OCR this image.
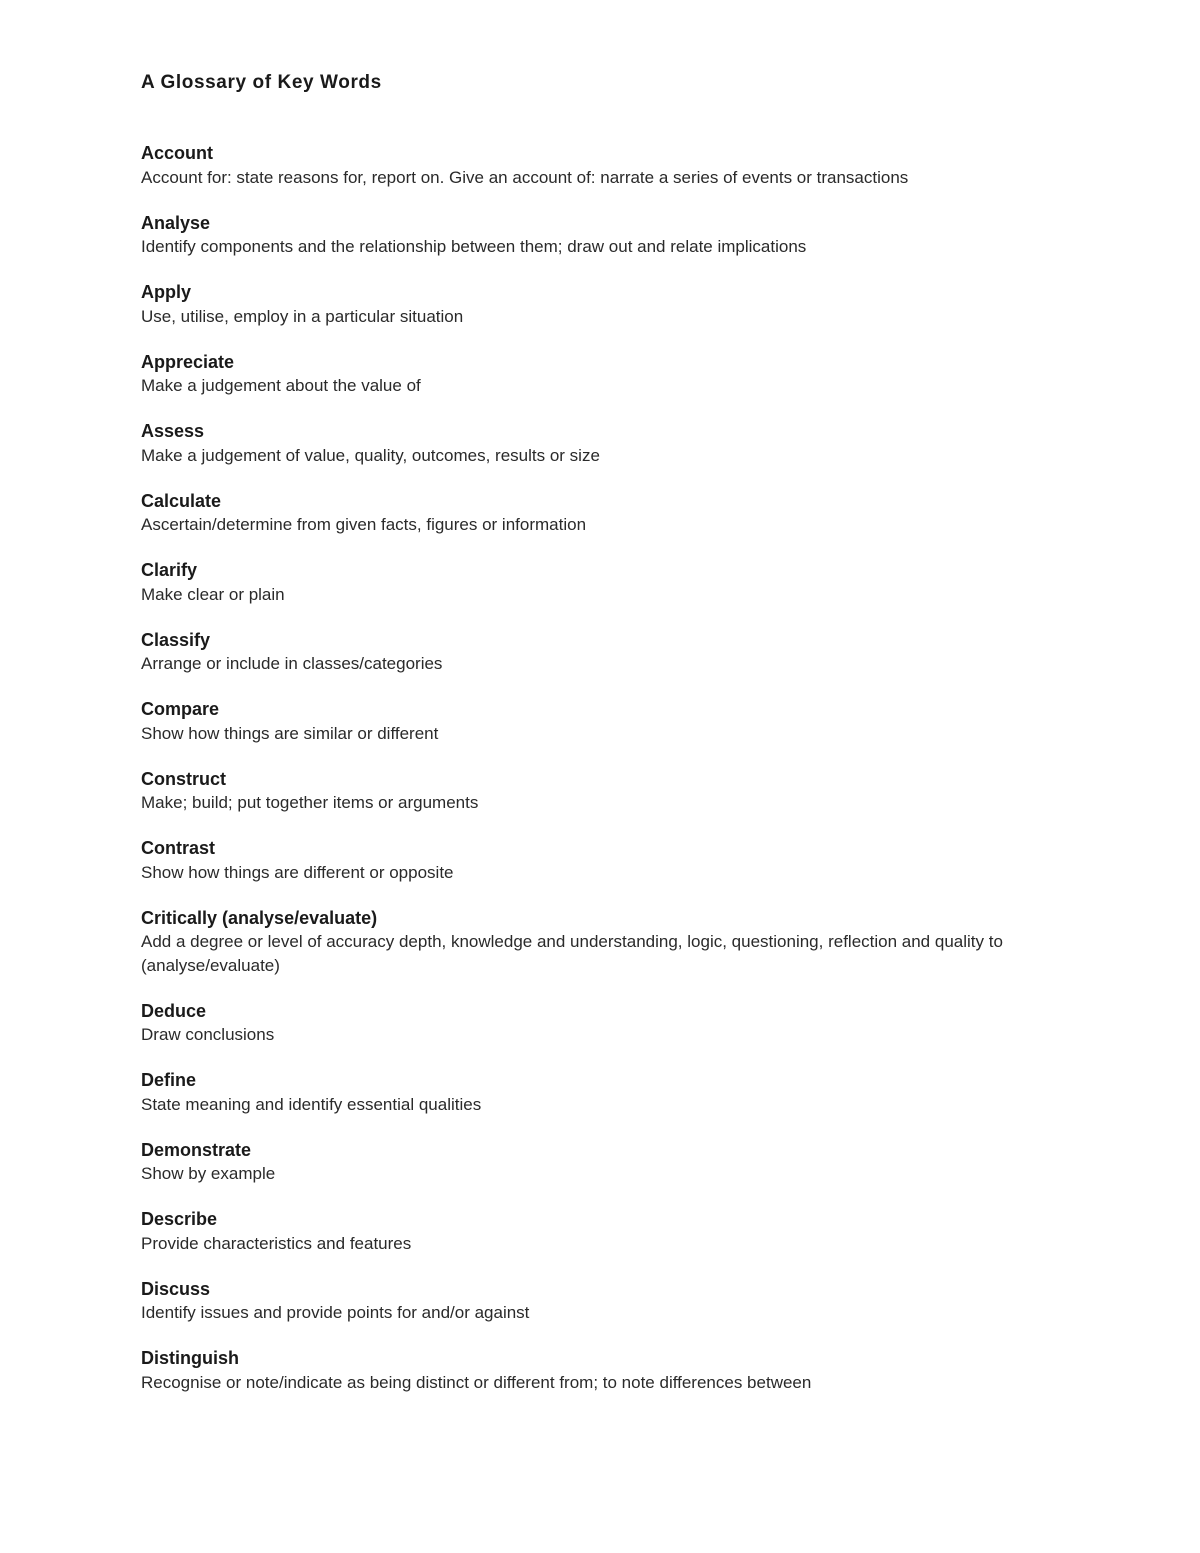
A Glossary of Key Words
Account
Account for: state reasons for, report on. Give an account of: narrate a series of events or transactions
Analyse
Identify components and the relationship between them; draw out and relate implications
Apply
Use, utilise, employ in a particular situation
Appreciate
Make a judgement about the value of
Assess
Make a judgement of value, quality, outcomes, results or size
Calculate
Ascertain/determine from given facts, figures or information
Clarify
Make clear or plain
Classify
Arrange or include in classes/categories
Compare
Show how things are similar or different
Construct
Make; build; put together items or arguments
Contrast
Show how things are different or opposite
Critically (analyse/evaluate)
Add a degree or level of accuracy depth, knowledge and understanding, logic, questioning, reflection and quality to (analyse/evaluate)
Deduce
Draw conclusions
Define
State meaning and identify essential qualities
Demonstrate
Show by example
Describe
Provide characteristics and features
Discuss
Identify issues and provide points for and/or against
Distinguish
Recognise or note/indicate as being distinct or different from; to note differences between
